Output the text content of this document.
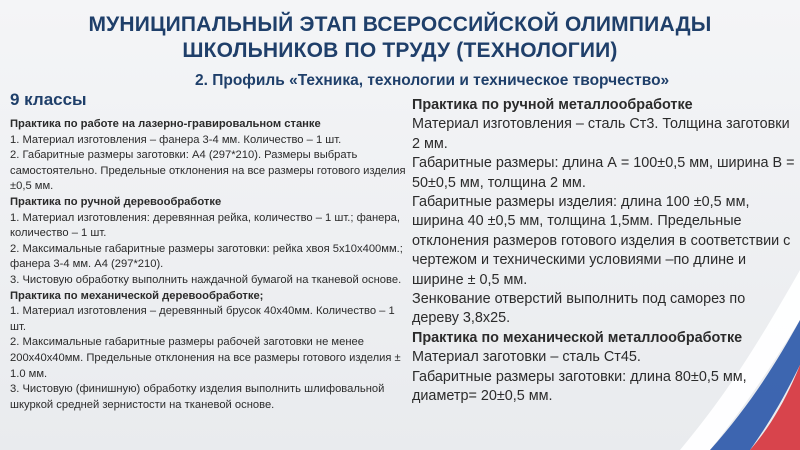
МУНИЦИПАЛЬНЫЙ ЭТАП ВСЕРОССИЙСКОЙ ОЛИМПИАДЫ
ШКОЛЬНИКОВ ПО ТРУДУ (ТЕХНОЛОГИИ)
2. Профиль «Техника, технологии и техническое творчество»
9 классы

Практика по работе на лазерно-гравировальном станке

1. Материал изготовления – фанера 3-4 мм. Количество – 1 шт.

2. Габаритные размеры заготовки: А4 (297*210). Размеры выбрать самостоятельно. Предельные отклонения на все размеры готового изделия ±0,5 мм.

Практика по ручной деревообработке

1. Материал изготовления: деревянная рейка, количество – 1 шт.; фанера, количество – 1 шт.

2. Максимальные габаритные размеры заготовки: рейка хвоя 5х10х400мм.; фанера 3-4 мм. А4 (297*210).

3. Чистовую обработку выполнить наждачной бумагой на тканевой основе.

Практика по механической деревообработке;

1. Материал изготовления – деревянный брусок 40х40мм. Количество – 1 шт.

2. Максимальные габаритные размеры рабочей заготовки не менее 200х40х40мм. Предельные отклонения на все размеры готового изделия ± 1.0 мм.

3. Чистовую (финишную) обработку изделия выполнить шлифовальной шкуркой средней зернистости на тканевой основе.

Практика по ручной металлообработке

Материал изготовления – сталь Ст3. Толщина заготовки 2 мм.

Габаритные размеры: длина А = 100±0,5 мм, ширина В = 50±0,5 мм, толщина 2 мм.

Габаритные размеры изделия: длина 100 ±0,5 мм, ширина 40 ±0,5 мм, толщина 1,5мм. Предельные отклонения размеров готового изделия в соответствии с чертежом и техническими условиями –по длине и ширине ± 0,5 мм.

Зенкование отверстий выполнить под саморез по дереву 3,8х25.

Практика по механической металлообработке

Материал заготовки – сталь Ст45.

Габаритные размеры заготовки: длина 80±0,5 мм, диаметр= 20±0,5 мм.
